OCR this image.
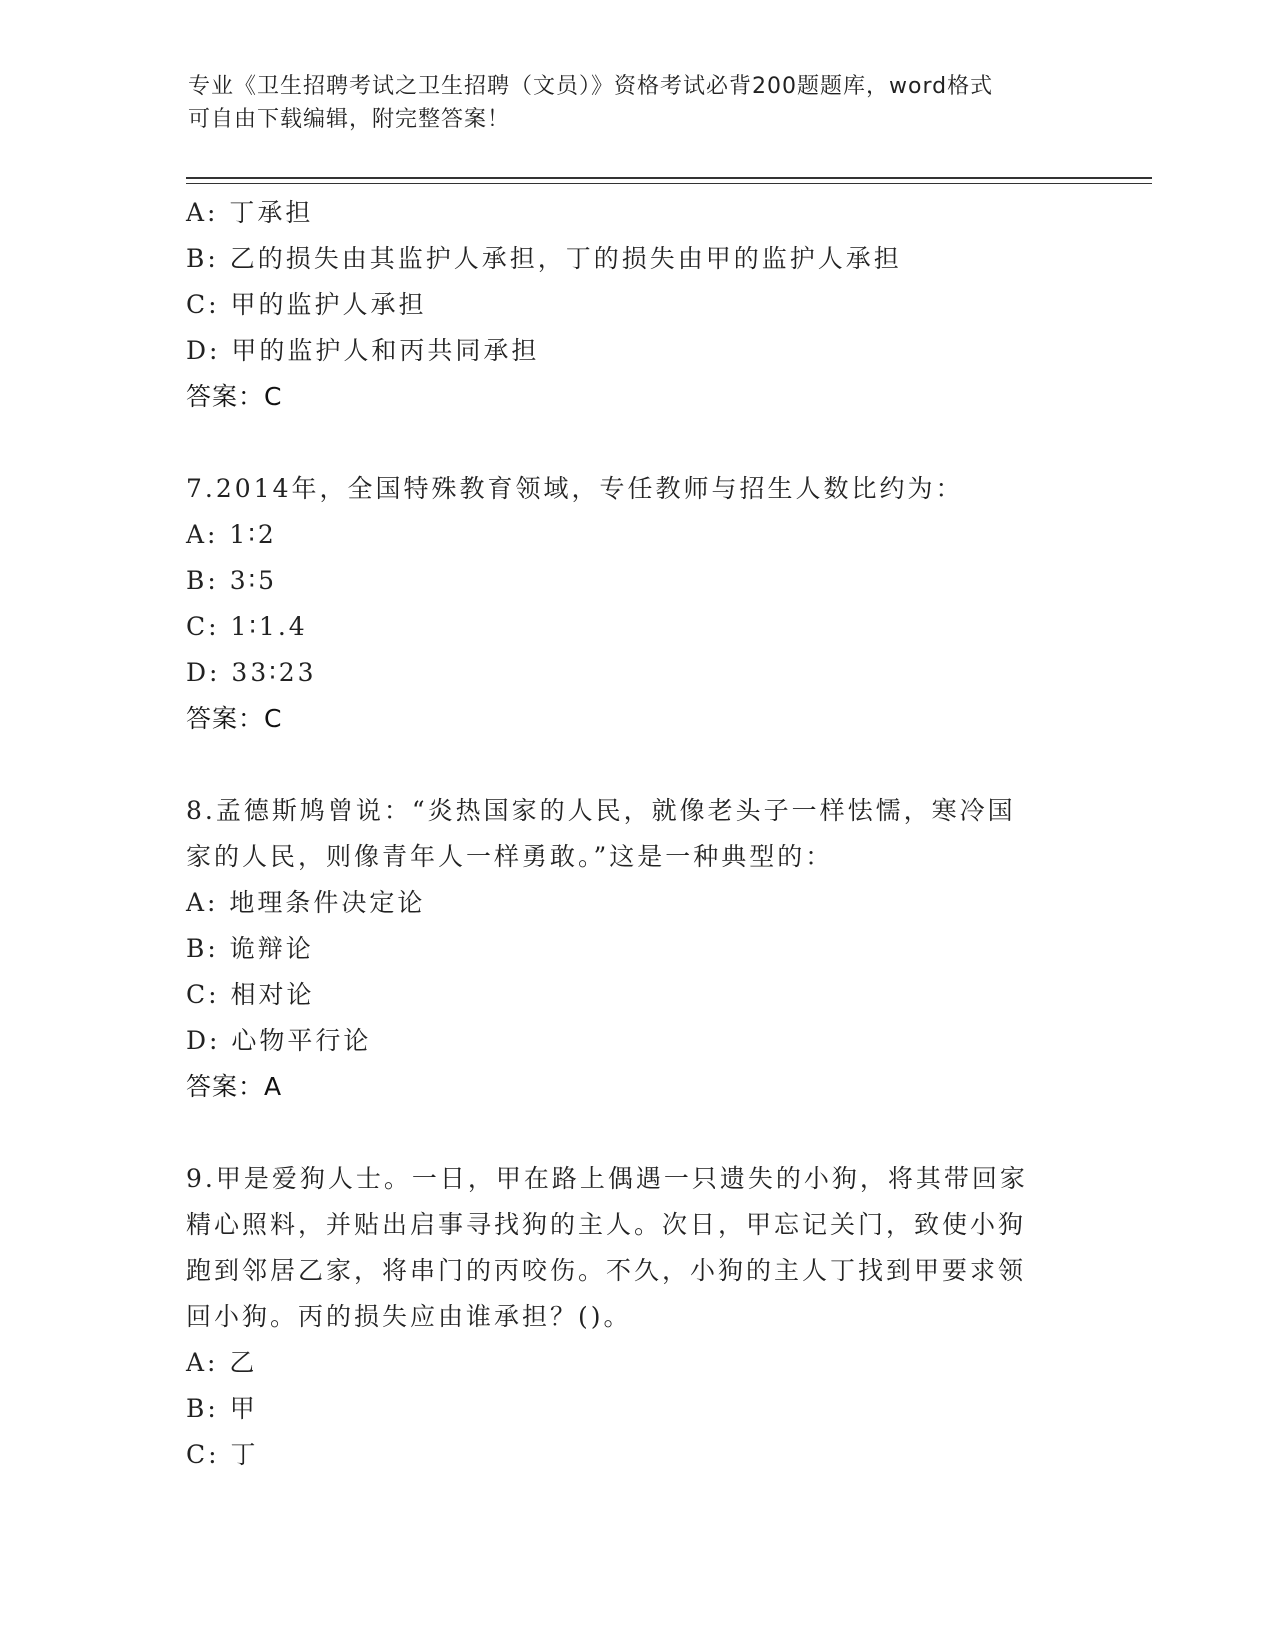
专业《卫生招聘考试之卫生招聘（文员）》资格考试必背200题题库，word格式
可自由下载编辑，附完整答案！

A: 丁承担

B: 乙的损失由其监护人承担，丁的损失由甲的监护人承担

C: 甲的监护人承担

D: 甲的监护人和丙共同承担

答案：C

7.2014年，全国特殊教育领域，专任教师与招生人数比约为：

A: 1∶2

B: 3∶5

C: 1∶1.4

D: 33∶23

答案：C

8.孟德斯鸠曾说：“炎热国家的人民，就像老头子一样怯懦，寒冷国

家的人民，则像青年人一样勇敢。”这是一种典型的：

A: 地理条件决定论

B: 诡辩论

C: 相对论

D: 心物平行论

答案：A

9.甲是爱狗人士。一日，甲在路上偶遇一只遗失的小狗，将其带回家

精心照料，并贴出启事寻找狗的主人。次日，甲忘记关门，致使小狗

跑到邻居乙家，将串门的丙咬伤。不久，小狗的主人丁找到甲要求领

回小狗。丙的损失应由谁承担？()。

A: 乙

B: 甲

C: 丁
